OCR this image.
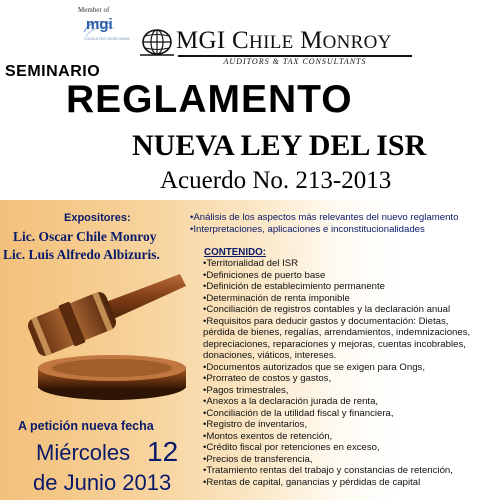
Member of
mgi
CONSULTING WORLDWIDE MGI CHILE MONROY
AUDITORS & TAX CONSULTANTS
SEMINARIO
REGLAMENTO
NUEVA LEY DEL ISR
Acuerdo No. 213-2013
Expositores:
Lic. Oscar Chile Monroy
Lic. Luis Alfredo Albizuris.
A petición nueva fecha
Miércoles 12
de Junio 2013
•Análisis de los aspectos más relevantes del nuevo reglamento
•Interpretaciones, aplicaciones e inconstitucionalidades
CONTENIDO:
•Territorialidad del ISR
•Definiciones de puerto base
•Definición de establecimiento permanente
•Determinación de renta imponible
•Conciliación de registros contables y la declaración anual
•Requisitos para deducir gastos y documentación: Dietas,
pérdida de bienes, regalías, arrendamientos, indemnizaciones,
depreciaciones, reparaciones y mejoras, cuentas incobrables,
donaciones, viáticos, intereses.
•Documentos autorizados que se exigen para Ongs,
•Prorrateo de costos y gastos,
•Pagos trimestrales,
•Anexos a la declaración jurada de renta,
•Conciliación de la utilidad fiscal y financiera,
•Registro de inventarios,
•Montos exentos de retención,
•Crédito fiscal por retenciones en exceso,
•Precios de transferencia,
•Tratamiento rentas del trabajo y constancias de retención,
•Rentas de capital, ganancias y pérdidas de capital
